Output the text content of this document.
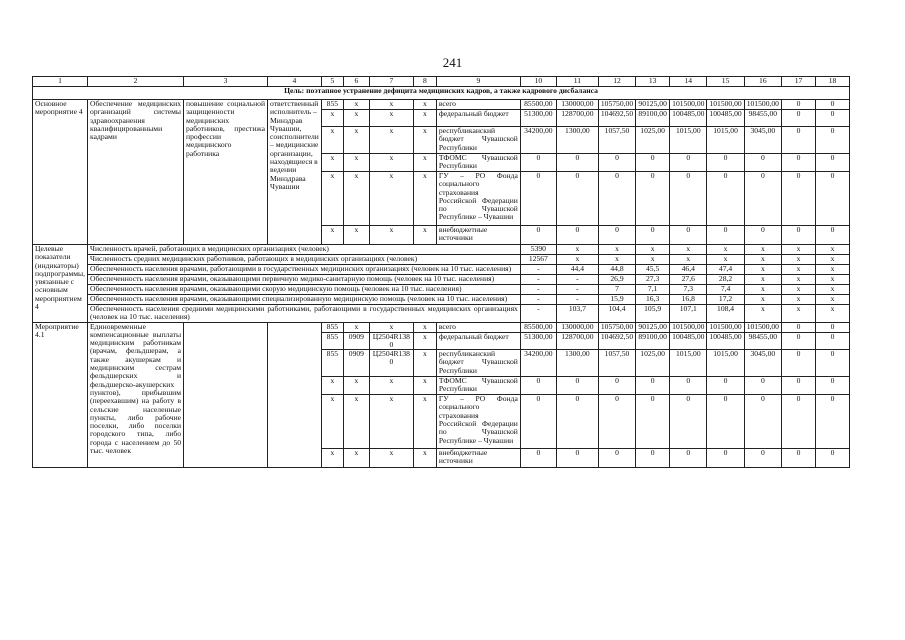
241
1	2	3	4	5	6	7	8	9	10	11	12	13	14	15	16	17	18
Цель: поэтапное устранение дефицита медицинских кадров, а также кадрового дисбаланса																	
Основное мероприятие 4	Обеспечение медицинских организаций системы здравоохранения квалифицированными кадрами	повышение социальной защищенности медицинских работников, престижа профессии медицинского работника	ответственный исполнитель – Минздрав Чувашии, соисполнители – медицинские организации, находящиеся в ведении Минздрава Чувашии	855	x	x	x	всего	85500,00	130000,00	105750,00	90125,00	101500,00	101500,00	101500,00	0	0
				x	x	x	x	федеральный бюджет	51300,00	128700,00	104692,50	89100,00	100485,00	100485,00	98455,00	0	0
				x	x	x	x	республиканский бюджет Чувашской Республики	34200,00	1300,00	1057,50	1025,00	1015,00	1015,00	3045,00	0	0
				x	x	x	x	ТФОМС Чувашской Республики	0	0	0	0	0	0	0	0	0
				x	x	x	x	ГУ – РО Фонда социального страхования Российской Федерации по Чувашской Республике – Чувашии	0	0	0	0	0	0	0	0	0
				x	x	x	x	внебюджетные источники	0	0	0	0	0	0	0	0	0
Целевые показатели (индикаторы) подпрограммы, увязанные с основным мероприятием 4	Численность врачей, работающих в медицинских организациях (человек)								5390	x	x	x	x	x	x	x	x
	Численность средних медицинских работников, работающих в медицинских организациях (человек)								12567	x	x	x	x	x	x	x	x
	Обеспеченность населения врачами, работающими в государственных медицинских организациях (человек на 10 тыс. населения)								-	44,4	44,8	45,5	46,4	47,4	x	x	x
	Обеспеченность населения врачами, оказывающими первичную медико-санитарную помощь (человек на 10 тыс. населения)								-	-	26,9	27,3	27,6	28,2	x	x	x
	Обеспеченность населения врачами, оказывающими скорую медицинскую помощь (человек на 10 тыс. населения)								-	-	7	7,1	7,3	7,4	x	x	x
	Обеспеченность населения врачами, оказывающими специализированную медицинскую помощь (человек на 10 тыс. населения)								-	-	15,9	16,3	16,8	17,2	x	x	x
	Обеспеченность населения средними медицинскими работниками, работающими в государственных медицинских организациях (человек на 10 тыс. населения)								-	103,7	104,4	105,9	107,1	108,4	x	x	x
Мероприятие 4.1	Единовременные компенсационные выплаты медицинским работникам (врачам, фельдшерам, а также акушеркам и медицинским сестрам фельдшерских и фельдшерско-акушерских пунктов), прибывшим (переехавшим) на работу в сельские населенные пункты, либо рабочие поселки, либо поселки городского типа, либо города с населением до 50 тыс. человек			855	x	x	x	всего	85500,00	130000,00	105750,00	90125,00	101500,00	101500,00	101500,00	0	0
				855	0909	Ц2504R1380	x	федеральный бюджет	51300,00	128700,00	104692,50	89100,00	100485,00	100485,00	98455,00	0	0
				855	0909	Ц2504R1380	x	республиканский бюджет Чувашской Республики	34200,00	1300,00	1057,50	1025,00	1015,00	1015,00	3045,00	0	0
				x	x	x	x	ТФОМС Чувашской Республики	0	0	0	0	0	0	0	0	0
				x	x	x	x	ГУ – РО Фонда социального страхования Российской Федерации по Чувашской Республике – Чувашии	0	0	0	0	0	0	0	0	0
				x	x	x	x	внебюджетные источники	0	0	0	0	0	0	0	0	0
